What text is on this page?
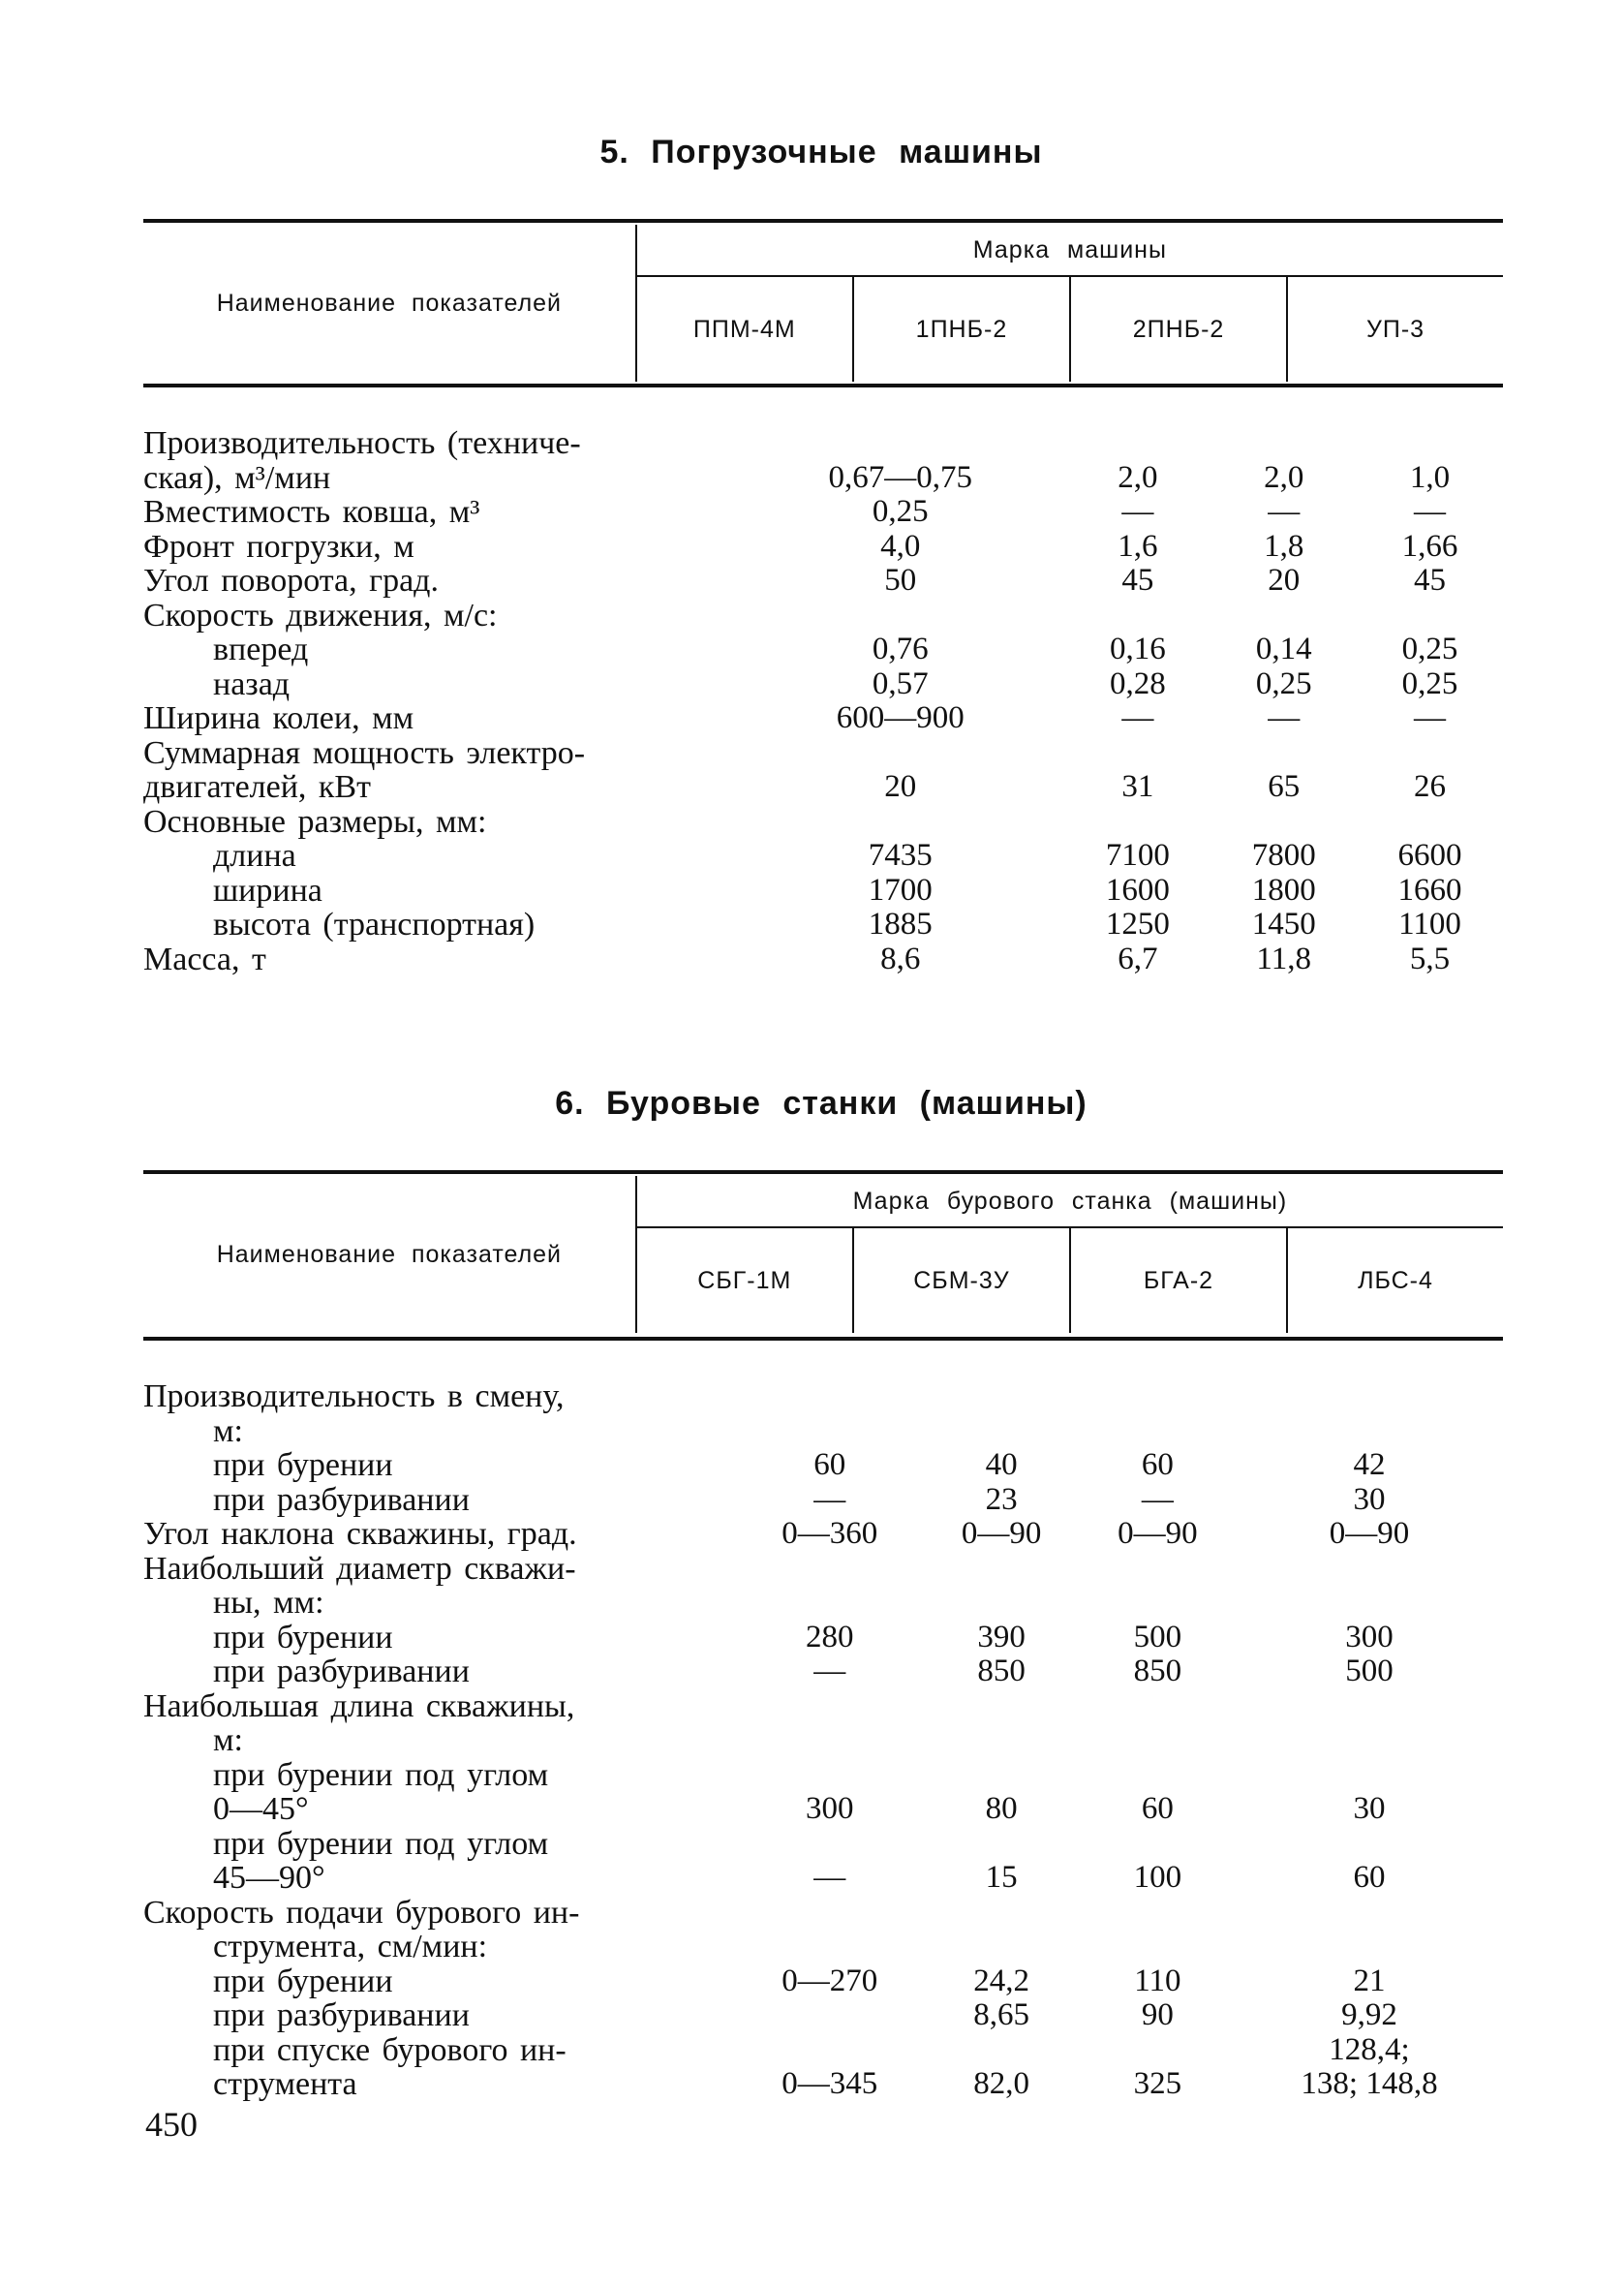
5. Погрузочные машины
Наименование показателей	Марка машины			
	ППМ-4М	1ПНБ-2	2ПНБ-2	УП-3
Производительность (техниче-				
ская), м³/мин	0,67—0,75	2,0	2,0	1,0
Вместимость ковша, м³	0,25	—	—	—
Фронт погрузки, м	4,0	1,6	1,8	1,66
Угол поворота, град.	50	45	20	45
Скорость движения, м/с:				
вперед	0,76	0,16	0,14	0,25
назад	0,57	0,28	0,25	0,25
Ширина колеи, мм	600—900	—	—	—
Суммарная мощность электро-				
двигателей, кВт	20	31	65	26
Основные размеры, мм:				
длина	7435	7100	7800	6600
ширина	1700	1600	1800	1660
высота (транспортная)	1885	1250	1450	1100
Масса, т	8,6	6,7	11,8	5,5
6. Буровые станки (машины)
Наименование показателей	Марка бурового станка (машины)			
	СБГ-1М	СБМ-3У	БГА-2	ЛБС-4
Производительность в смену,				
м:				
при бурении	60	40	60	42
при разбуривании	—	23	—	30
Угол наклона скважины, град.	0—360	0—90	0—90	0—90
Наибольший диаметр скважи-				
ны, мм:				
при бурении	280	390	500	300
при разбуривании	—	850	850	500
Наибольшая длина скважины,				
м:				
при бурении под углом				
0—45°	300	80	60	30
при бурении под углом				
45—90°	—	15	100	60
Скорость подачи бурового ин-				
струмента, см/мин:				
при бурении	0—270	24,2	110	21
при разбуривании		8,65	90	9,92
при спуске бурового ин-				128,4;
струмента	0—345	82,0	325	138; 148,8
450
